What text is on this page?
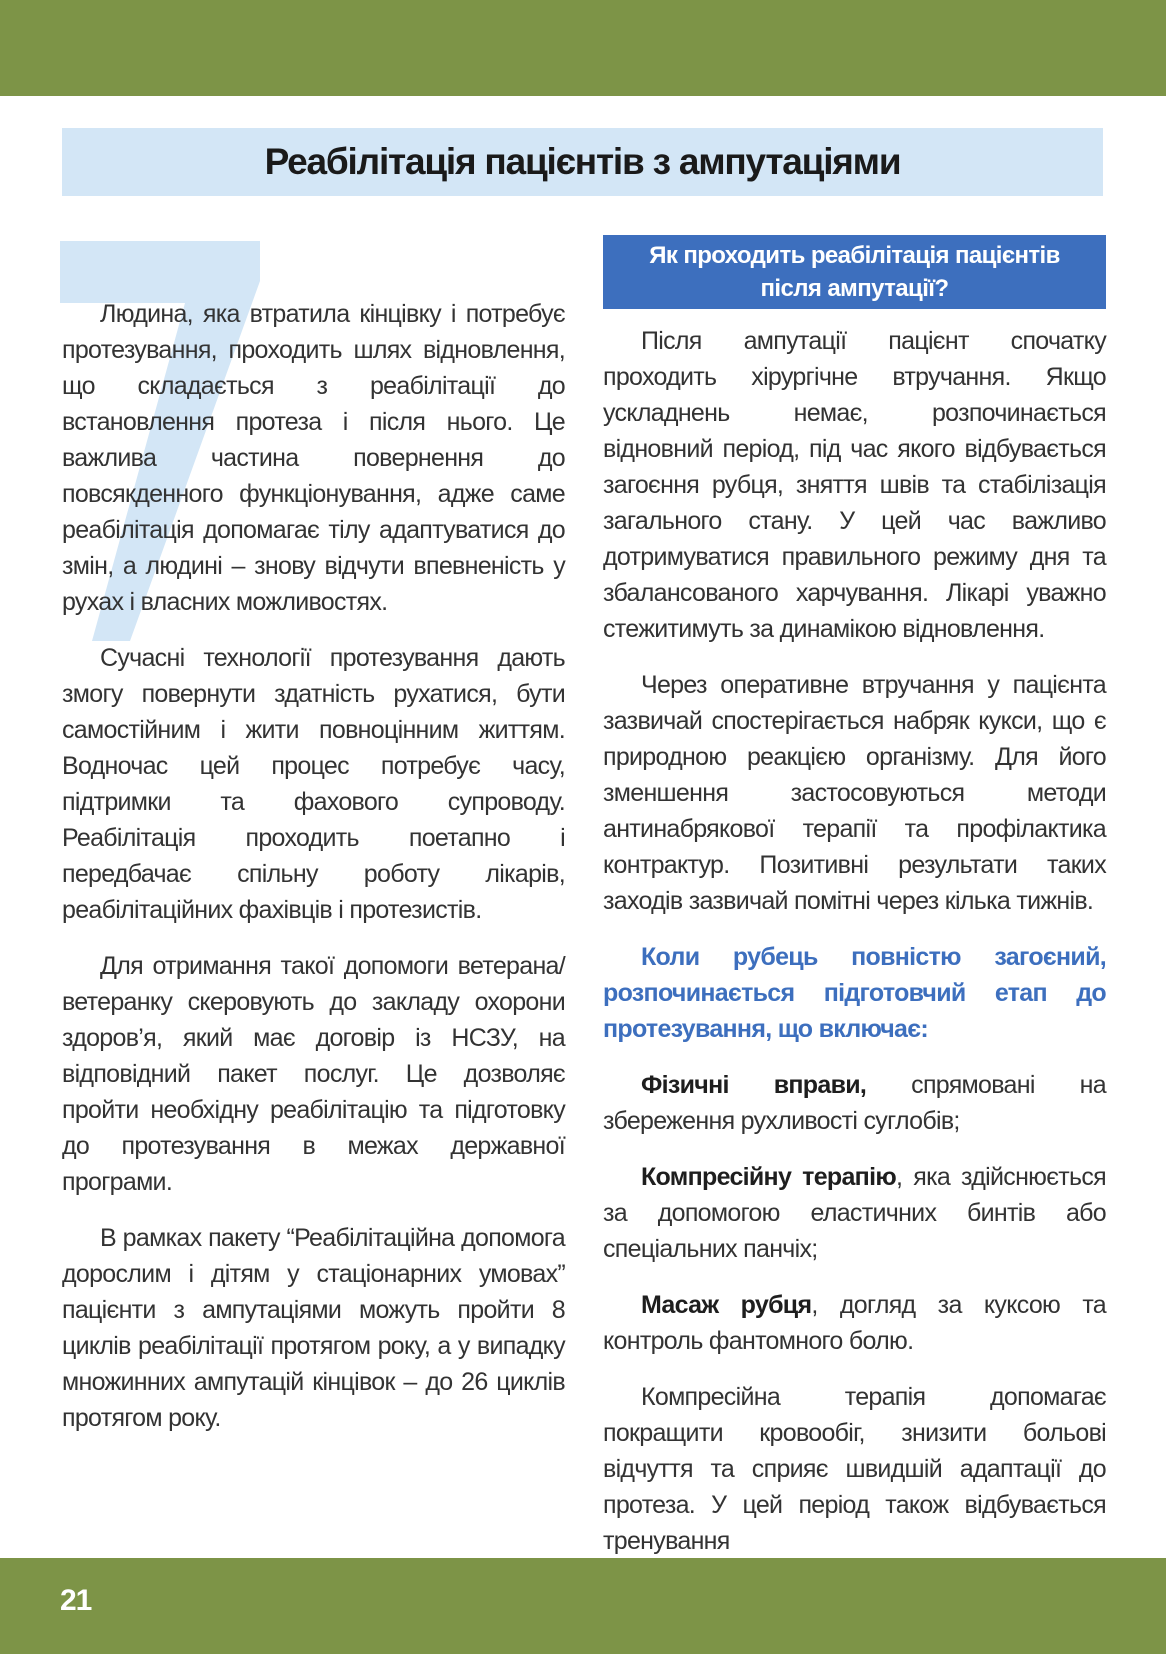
Реабілітація пацієнтів з ампутаціями

Людина, яка втратила кінцівку і потребує протезування, проходить шлях відновлення, що складається з реабілітації до встановлення протеза і після нього. Це важлива частина повернення до повсякденного функціонування, адже саме реабілітація допомагає тілу адаптуватися до змін, а людині – знову відчути впевненість у рухах і власних можливостях.

Сучасні технології протезування дають змогу повернути здатність рухатися, бути самостійним і жити повноцінним життям. Водночас цей процес потребує часу, підтримки та фахового супроводу. Реабілітація проходить поетапно і передбачає спільну роботу лікарів, реабілітаційних фахівців і протезистів.

Для отримання такої допомоги ветерана/ветеранку скеровують до закладу охорони здоров’я, який має договір із НСЗУ, на відповідний пакет послуг. Це дозволяє пройти необхідну реабілітацію та підготовку до протезування в межах державної програми.

В рамках пакету “Реабілітаційна допомога дорослим і дітям у стаціонарних умовах” пацієнти з ампутаціями можуть пройти 8 циклів реабілітації протягом року, а у випадку множинних ампутацій кінцівок – до 26 циклів протягом року.

Як проходить реабілітація пацієнтів
після ампутації?

Після ампутації пацієнт спочатку проходить хірургічне втручання. Якщо ускладнень немає, розпочинається відновний період, під час якого відбувається загоєння рубця, зняття швів та стабілізація загального стану. У цей час важливо дотримуватися правильного режиму дня та збалансованого харчування. Лікарі уважно стежитимуть за динамікою відновлення.

Через оперативне втручання у пацієнта зазвичай спостерігається набряк кукси, що є природною реакцією організму. Для його зменшення застосовуються методи антинабрякової терапії та профілактика контрактур. Позитивні результати таких заходів зазвичай помітні через кілька тижнів.

Коли рубець повністю загоєний, розпочинається підготовчий етап до протезування, що включає:

Фізичні вправи, спрямовані на збереження рухливості суглобів;

Компресійну терапію, яка здійснюється за допомогою еластичних бинтів або спеціальних панчіх;

Масаж рубця, догляд за куксою та контроль фантомного болю.

Компресійна терапія допомагає покращити кровообіг, знизити больові відчуття та сприяє швидшій адаптації до протеза. У цей період також відбувається тренування

21
